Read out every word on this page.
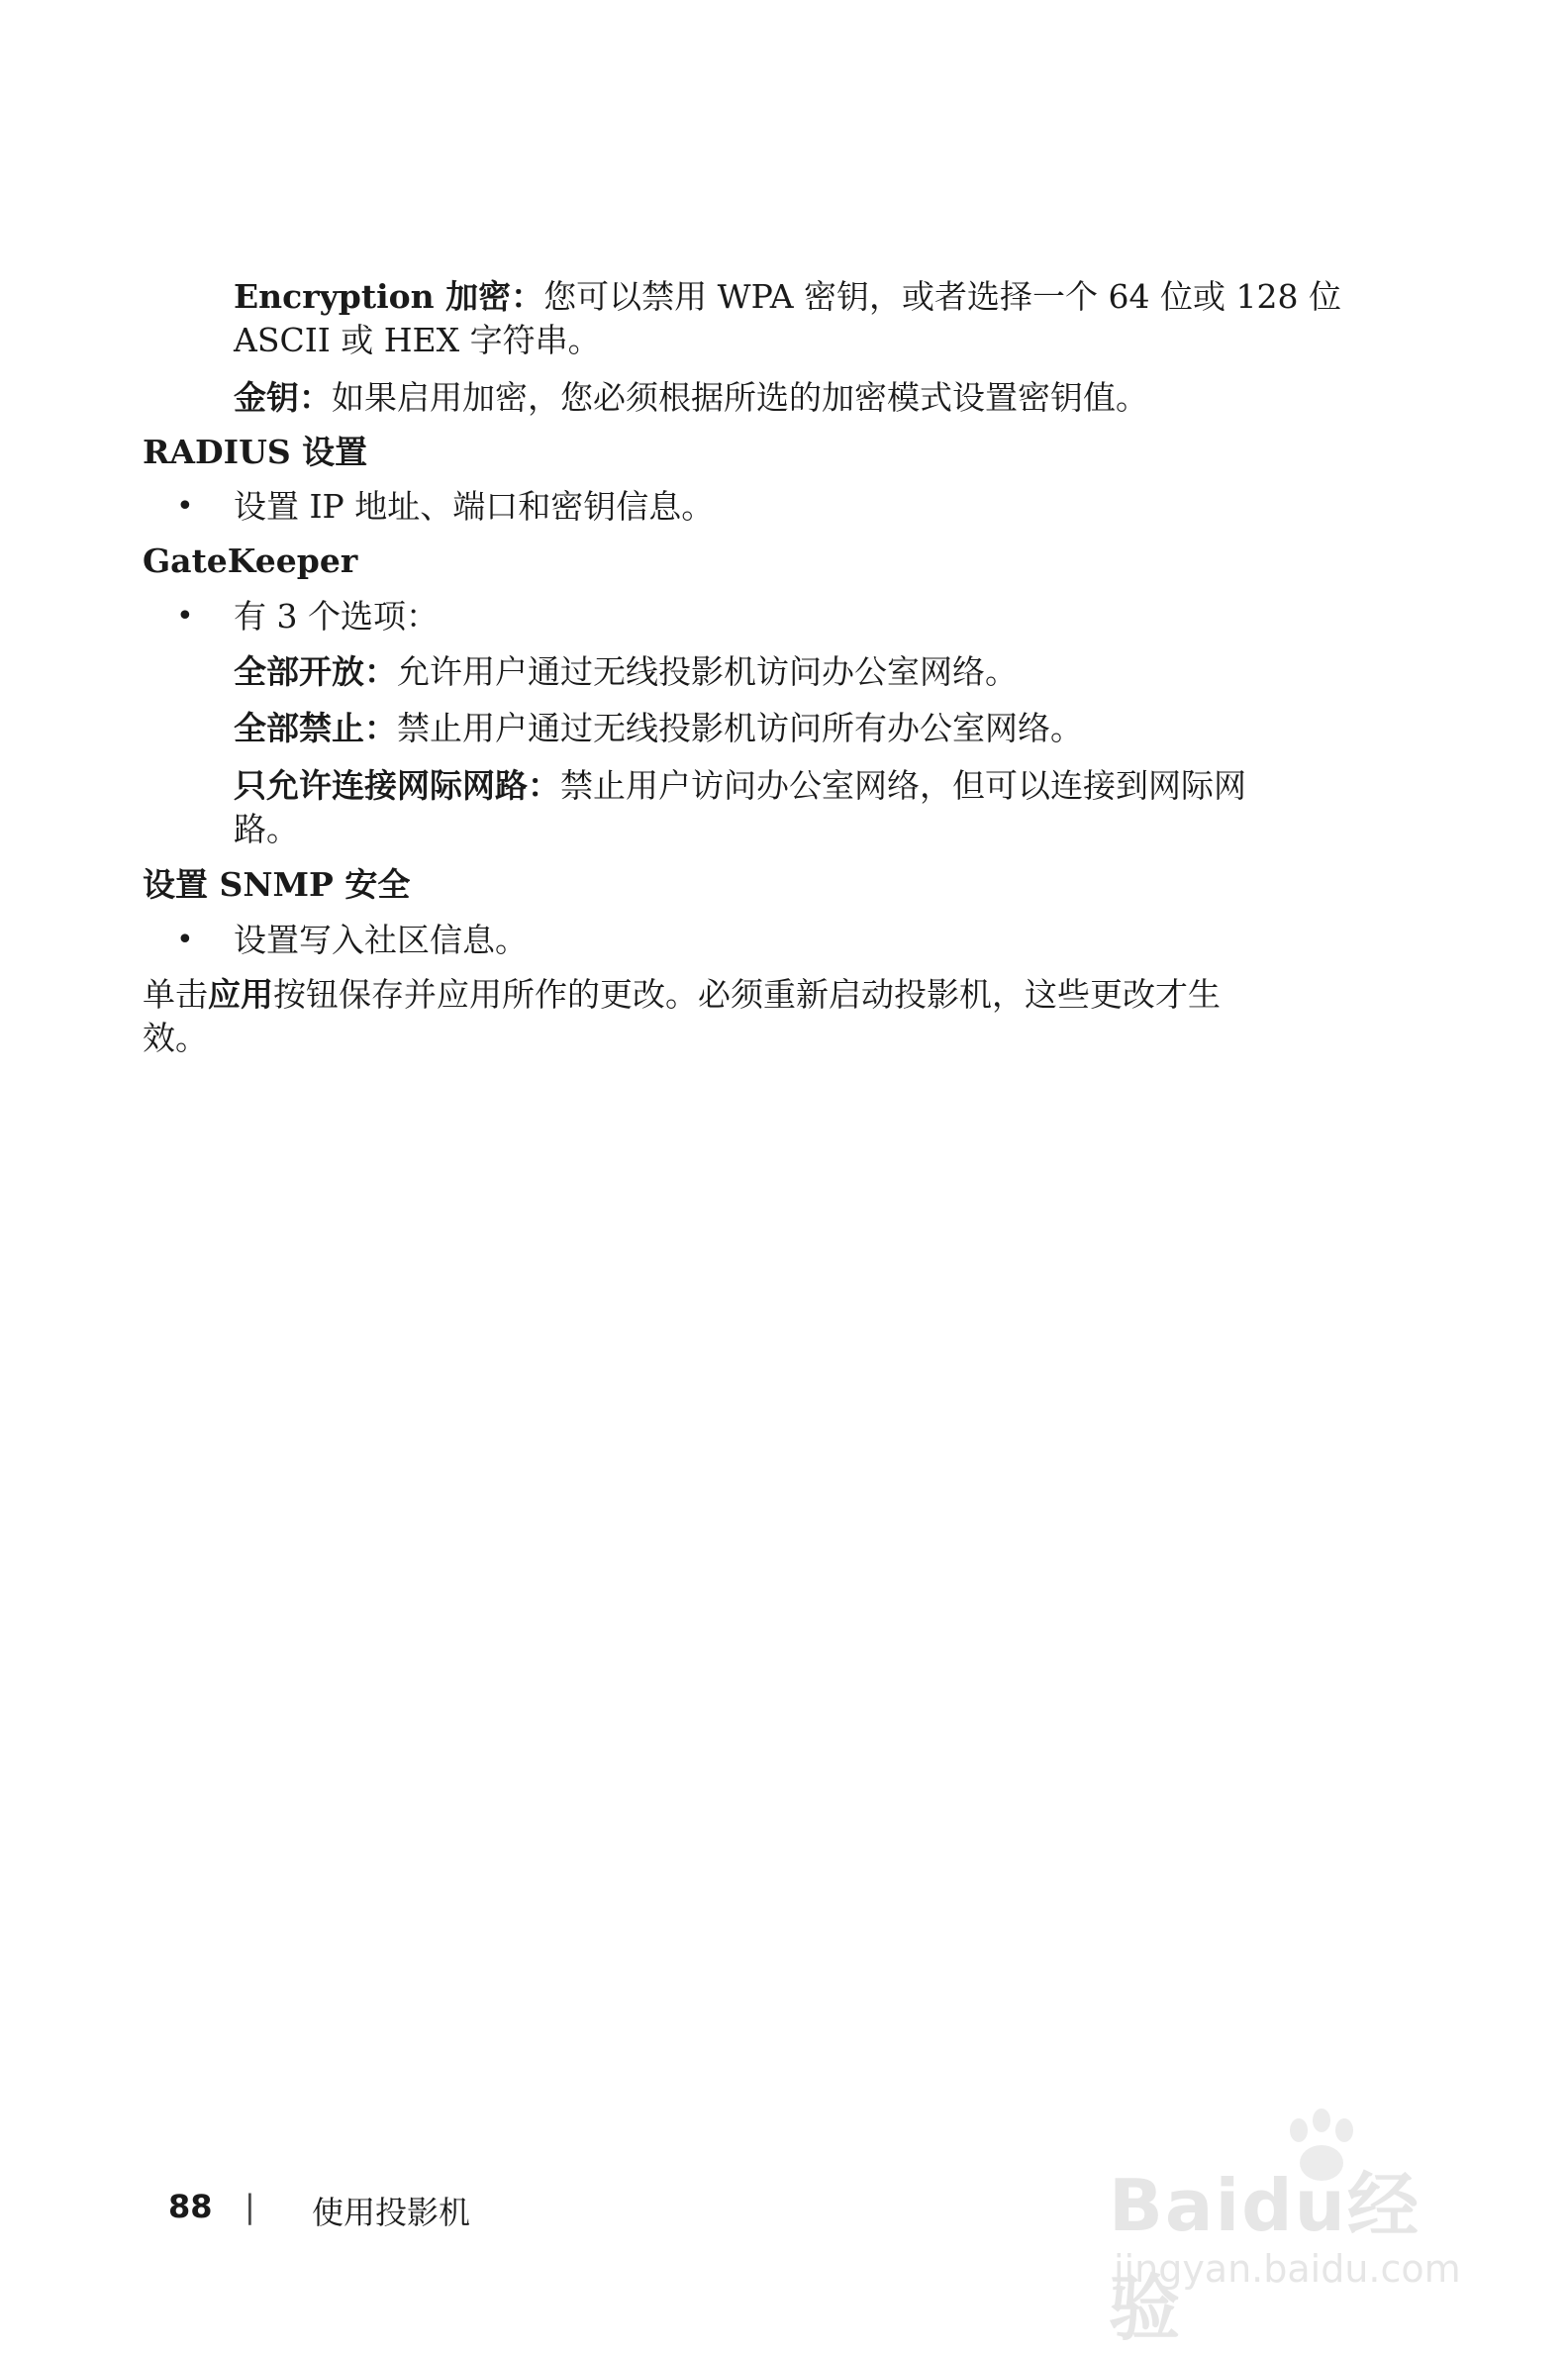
Encryption 加密：您可以禁用 WPA 密钥，或者选择一个 64 位或 128 位
ASCII 或 HEX 字符串。
金钥：如果启用加密，您必须根据所选的加密模式设置密钥值。
RADIUS 设置
• 设置 IP 地址、端口和密钥信息。
GateKeeper
• 有 3 个选项：
全部开放：允许用户通过无线投影机访问办公室网络。
全部禁止：禁止用户通过无线投影机访问所有办公室网络。
只允许连接网际网路：禁止用户访问办公室网络，但可以连接到网际网
路。
设置 SNMP 安全
• 设置写入社区信息。
单击应用按钮保存并应用所作的更改。必须重新启动投影机，这些更改才生
效。
88 | 使用投影机	Baidu经验
jingyan.baidu.com
